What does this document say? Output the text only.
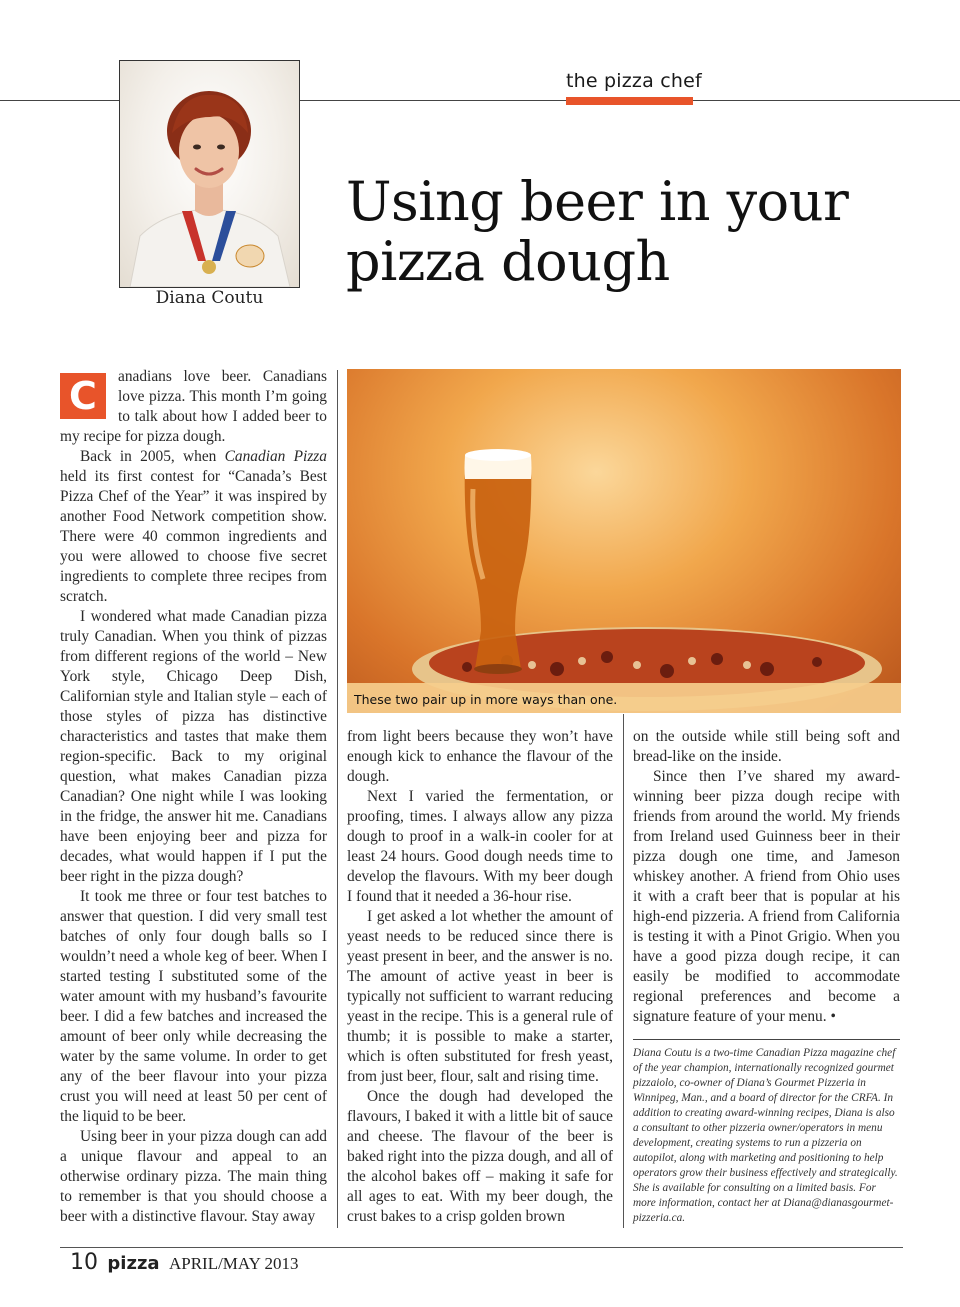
the pizza chef
Diana Coutu
Using beer in your
pizza dough

C	anadians love beer. Canadians love pizza. This month I’m going to talk about how I added beer to my recipe for pizza dough.

Back in 2005, when Canadian Pizza held its first contest for “Canada’s Best Pizza Chef of the Year” it was inspired by another Food Network competition show. There were 40 common ingredients and you were allowed to choose five secret ingredients to complete three recipes from scratch.

I wondered what made Canadian pizza truly Canadian. When you think of pizzas from different regions of the world – New York style, Chicago Deep Dish, Californian style and Italian style – each of those styles of pizza has distinctive characteristics and tastes that make them region-specific. Back to my original question, what makes Canadian pizza Canadian? One night while I was looking in the fridge, the answer hit me. Canadians have been enjoying beer and pizza for decades, what would happen if I put the beer right in the pizza dough?

It took me three or four test batches to answer that question. I did very small test batches of only four dough balls so I wouldn’t need a whole keg of beer. When I started testing I substituted some of the water amount with my husband’s favourite beer. I did a few batches and increased the amount of beer only while decreasing the water by the same volume. In order to get any of the beer flavour into your pizza crust you will need at least 50 per cent of the liquid to be beer.

Using beer in your pizza dough can add a unique flavour and appeal to an otherwise ordinary pizza. The main thing to remember is that you should choose a beer with a distinctive flavour. Stay away

These two pair up in more ways than one.

from light beers because they won’t have enough kick to enhance the flavour of the dough.

Next I varied the fermentation, or proofing, times. I always allow any pizza dough to proof in a walk-in cooler for at least 24 hours. Good dough needs time to develop the flavours. With my beer dough I found that it needed a 36-hour rise.

I get asked a lot whether the amount of yeast needs to be reduced since there is yeast present in beer, and the answer is no. The amount of active yeast in beer is typically not sufficient to warrant reducing yeast in the recipe. This is a general rule of thumb; it is possible to make a starter, which is often substituted for fresh yeast, from just beer, flour, salt and rising time.

Once the dough had developed the flavours, I baked it with a little bit of sauce and cheese. The flavour of the beer is baked right into the pizza dough, and all of the alcohol bakes off – making it safe for all ages to eat. With my beer dough, the crust bakes to a crisp golden brown

on the outside while still being soft and bread-like on the inside.

Since then I’ve shared my award-winning beer pizza dough recipe with friends from around the world. My friends from Ireland used Guinness beer in their pizza dough one time, and Jameson whiskey another. A friend from Ohio uses it with a craft beer that is popular at his high-end pizzeria. A friend from California is testing it with a Pinot Grigio. When you have a good pizza dough recipe, it can easily be modified to accommodate regional preferences and become a signature feature of your menu. •

Diana Coutu is a two-time Canadian Pizza magazine chef of the year champion, internationally recognized gourmet pizzaiolo, co-owner of Diana’s Gourmet Pizzeria in Winnipeg, Man., and a board of director for the CRFA. In addition to creating award-winning recipes, Diana is also a consultant to other pizzeria owner/operators in menu development, creating systems to run a pizzeria on autopilot, along with marketing and positioning to help operators grow their business effectively and strategically. She is available for consulting on a limited basis. For more information, contact her at Diana@dianasgourmet-pizzeria.ca.

10 pizza APRIL/MAY 2013
